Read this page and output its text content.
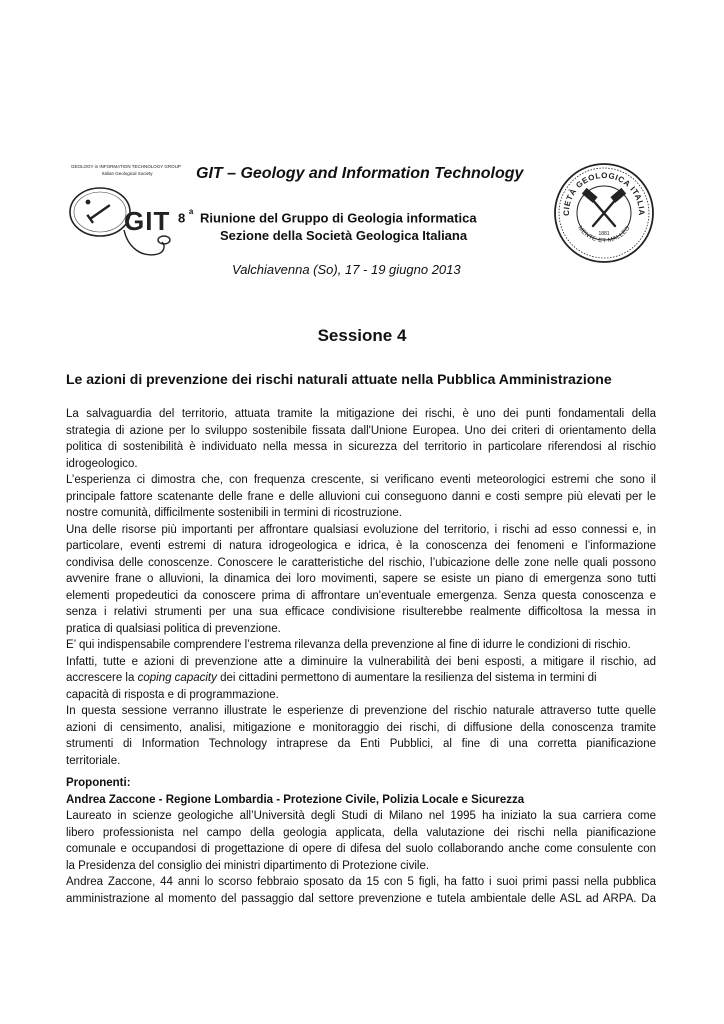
GEOLOGY in INFORMATION TECHNOLOGY GROUP
Italian Geological Society
GIT
GIT – Geology and Information Technology
8 $^a$ Riunione del Gruppo di Geologia informatica
Sezione della Società Geologica Italiana
Valchiavenna (So), 17 - 19 giugno 2013
CIETÀ GEOLOGICA ITALIA
MENTE ET MALLEO
1881
Sessione 4
Le azioni di prevenzione dei rischi naturali attuate nella Pubblica Amministrazione
La salvaguardia del territorio, attuata tramite la mitigazione dei rischi, è uno dei punti fondamentali della
strategia di azione per lo sviluppo sostenibile fissata dall'Unione Europea. Uno dei criteri di orientamento della
politica di sostenibilità è individuato nella messa in sicurezza del territorio in particolare riferendosi al rischio
idrogeologico.
L’esperienza ci dimostra che, con frequenza crescente, si verificano eventi meteorologici estremi che sono il
principale fattore scatenante delle frane e delle alluvioni cui conseguono danni e costi sempre più elevati per le
nostre comunità, difficilmente sostenibili in termini di ricostruzione.
Una delle risorse più importanti per affrontare qualsiasi evoluzione del territorio, i rischi ad esso connessi e, in
particolare, eventi estremi di natura idrogeologica e idrica, è la conoscenza dei fenomeni e l’informazione
condivisa delle conoscenze. Conoscere le caratteristiche del rischio, l’ubicazione delle zone nelle quali possono
avvenire frane o alluvioni, la dinamica dei loro movimenti, sapere se esiste un piano di emergenza sono tutti
elementi propedeutici da conoscere prima di affrontare un'eventuale emergenza. Senza questa conoscenza e
senza i relativi strumenti per una sua efficace condivisione risulterebbe realmente difficoltosa la messa in
pratica di qualsiasi politica di prevenzione.
E’ qui indispensabile comprendere l’estrema rilevanza della prevenzione al fine di idurre le condizioni di rischio.
Infatti, tutte e azioni di prevenzione atte a diminuire la vulnerabilità dei beni esposti, a mitigare il rischio, ad
accrescere la coping capacity dei cittadini permettono di aumentare la resilienza del sistema in termini di
capacità di risposta e di programmazione.
In questa sessione verranno illustrate le esperienze di prevenzione del rischio naturale attraverso tutte quelle
azioni di censimento, analisi, mitigazione e monitoraggio dei rischi, di diffusione della conoscenza tramite
strumenti di Information Technology intraprese da Enti Pubblici, al fine di una corretta pianificazione
territoriale.
Proponenti:
Andrea Zaccone - Regione Lombardia - Protezione Civile, Polizia Locale e Sicurezza
Laureato in scienze geologiche all’Università degli Studi di Milano nel 1995 ha iniziato la sua carriera come
libero professionista nel campo della geologia applicata, della valutazione dei rischi nella pianificazione
comunale e occupandosi di progettazione di opere di difesa del suolo collaborando anche come consulente con
la Presidenza del consiglio dei ministri dipartimento di Protezione civile.
Andrea Zaccone, 44 anni lo scorso febbraio sposato da 15 con 5 figli, ha fatto i suoi primi passi nella pubblica
amministrazione al momento del passaggio dal settore prevenzione e tutela ambientale delle ASL ad ARPA. Da
